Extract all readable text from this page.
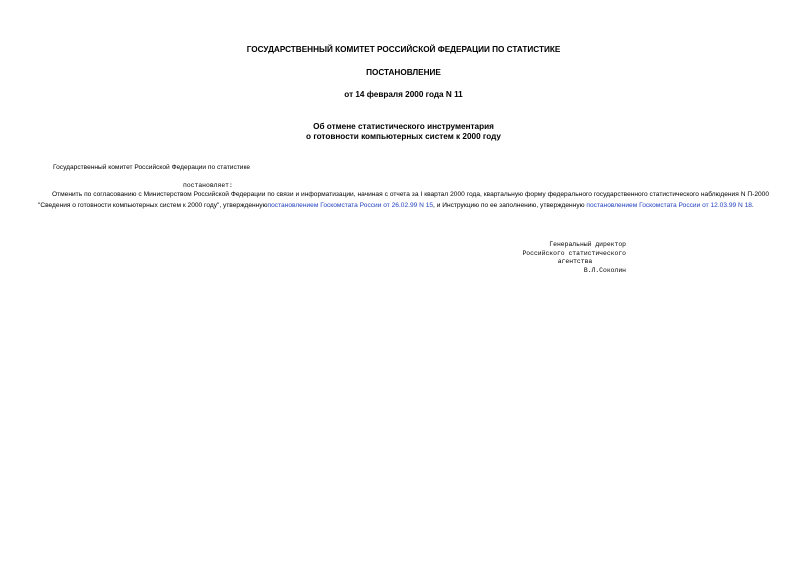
ГОСУДАРСТВЕННЫЙ КОМИТЕТ РОССИЙСКОЙ ФЕДЕРАЦИИ ПО СТАТИСТИКЕ
ПОСТАНОВЛЕНИЕ
от 14 февраля 2000 года N 11
Об отмене статистического инструментария
о готовности компьютерных систем к 2000 году
Государственный комитет Российской Федерации по статистике
постановляет:
Отменить по согласованию с Министерством Российской Федерации по связи и информатизации, начиная с отчета за I квартал 2000 года, квартальную форму федерального государственного статистического наблюдения N П-2000 "Сведения о готовности компьютерных систем к 2000 году", утвержденнуюпостановлением Госкомстата России от 26.02.99 N 15, и Инструкцию по ее заполнению, утвержденную постановлением Госкомстата России от 12.03.99 N 18.
Генеральный директор
Российского статистического
агентства
В.Л.Соколин
